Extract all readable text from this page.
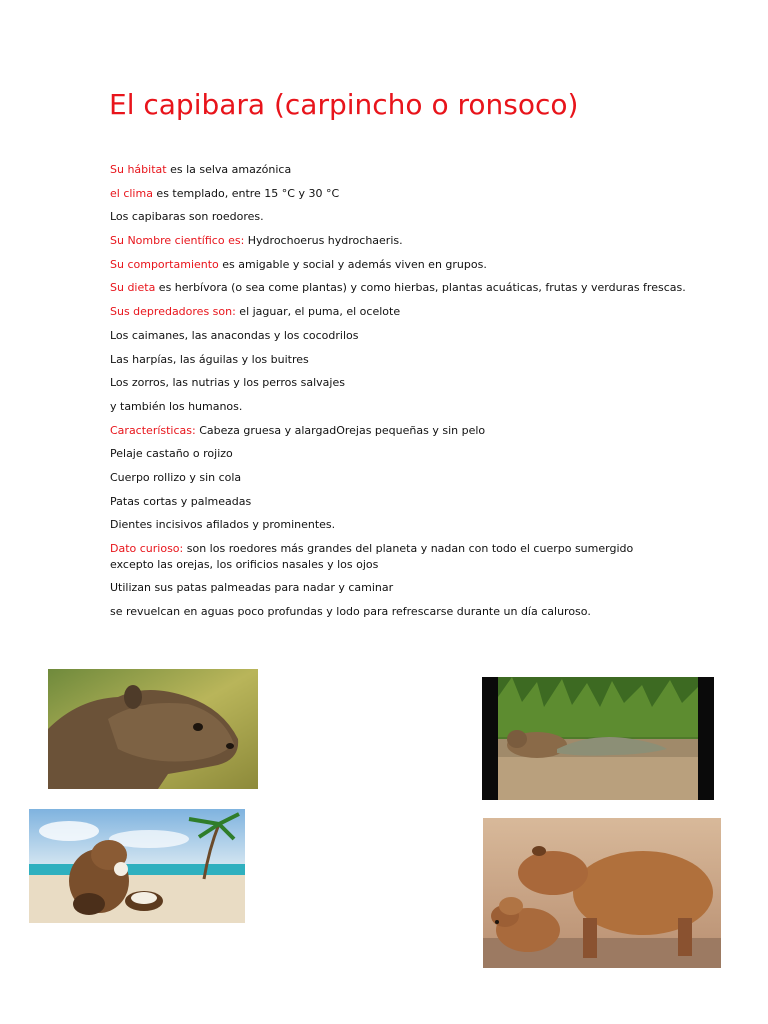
El capibara (carpincho o ronsoco)
Su hábitat es la selva amazónica
el clima es templado, entre 15 °C y 30 °C
Los capibaras son roedores.
Su Nombre científico es: Hydrochoerus hydrochaeris.
Su comportamiento es amigable y social y además viven en grupos.
Su dieta es herbívora (o sea come plantas) y como hierbas, plantas acuáticas, frutas y verduras frescas.
Sus depredadores son: el jaguar, el puma, el ocelote
Los caimanes, las anacondas y los cocodrilos
Las harpías, las águilas y los buitres
Los zorros, las nutrias y los perros salvajes
y también los humanos.
Características: Cabeza gruesa y alargadOrejas pequeñas y sin pelo
Pelaje castaño o rojizo
Cuerpo rollizo y sin cola
Patas cortas y palmeadas
Dientes incisivos afilados y prominentes.
Dato curioso: son los roedores más grandes del planeta y nadan con todo el cuerpo sumergido excepto las orejas, los orificios nasales y los ojos
Utilizan sus patas palmeadas para nadar y caminar
se revuelcan en aguas poco profundas y lodo para refrescarse durante un día caluroso.
